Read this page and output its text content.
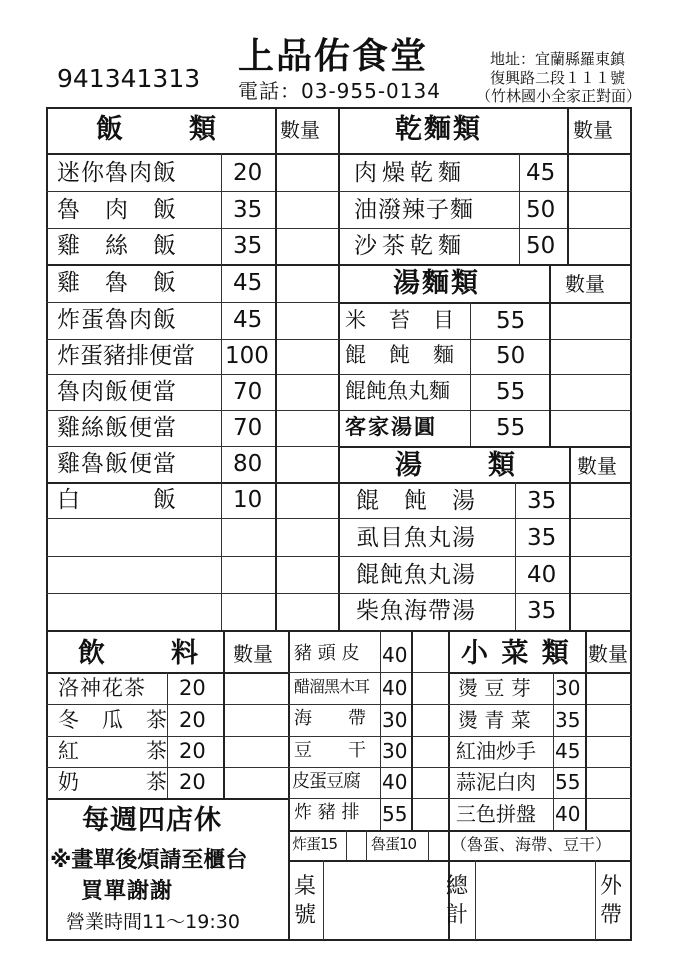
上品佑食堂
941341313 電話：03-955-0134
地址：宜蘭縣羅東鎮
復興路二段１１１號
（竹林國小全家正對面）
飯　　類	數量
迷你魯肉飯 20
魯　肉　飯 35
雞　絲　飯 35
雞　魯　飯 45
炸蛋魯肉飯 45
炸蛋豬排便當 100
魯肉飯便當 70
雞絲飯便當 70
雞魯飯便當 80
白　　　飯 10
乾麵類	數量
肉燥乾麵	45
油潑辣子麵 50
沙茶乾麵	50
湯麵類	數量
米　苔　目 55
餛　飩　麵 50
餛飩魚丸麵 55
客家湯圓	55
湯　　類	數量
餛　飩　湯 35
虱目魚丸湯 35
餛飩魚丸湯 40
柴魚海帶湯 35
飲　　料 數量
洛神花茶 20
冬　瓜　茶 20
紅　　　茶 20
奶　　　茶 20
豬 頭 皮 40
醋溜黑木耳 40
海　　帶 30
豆　　干 30
皮蛋豆腐 40
炸 豬 排 55
小 菜 類 數量
燙 豆 芽 30
燙 青 菜 35
紅油炒手 45
蒜泥白肉 55
三色拼盤 40
炸蛋15 魯蛋10 （魯蛋、海帶、豆干）
每週四店休
※畫單後煩請至櫃台
買單謝謝
營業時間11～19:30
桌號
總計
外帶
